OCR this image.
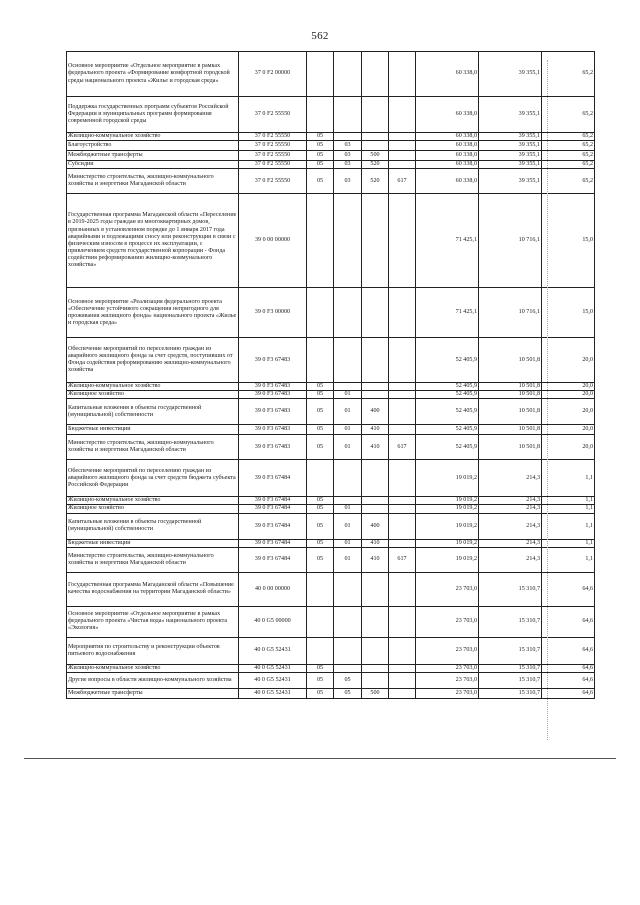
562
Основное мероприятие «Отдельное мероприятие в рамках федерального проекта «Формирование комфортной городской среды национального проекта «Жилье и городская среда»	37 0 F2 00000					60 338,0	39 355,1	65,2
Поддержка государственных программ субъектов Российской Федерации и муниципальных программ формирования современной городской среды	37 0 F2 55550					60 338,0	39 355,1	65,2
Жилищно-коммунальное хозяйство	37 0 F2 55550	05				60 338,0	39 355,1	65,2
Благоустройство	37 0 F2 55550	05	03			60 338,0	39 355,1	65,2
Межбюджетные трансферты	37 0 F2 55550	05	03	500		60 338,0	39 355,1	65,2
Субсидии	37 0 F2 55550	05	03	520		60 338,0	39 355,1	65,2
Министерство строительства, жилищно-коммунального хозяйства и энергетики Магаданской области	37 0 F2 55550	05	03	520	617	60 338,0	39 355,1	65,2
Государственная программа Магаданской области «Переселение в 2019-2025 годы граждан из многоквартирных домов, признанных в установленном порядке до 1 января 2017 года аварийными и подлежащими сносу или реконструкции в связи с физическим износом в процессе их эксплуатации, с привлечением средств государственной корпорации - Фонда содействия реформированию жилищно-коммунального хозяйства»	39 0 00 00000					71 425,1	10 716,1	15,0
Основное мероприятие «Реализация федерального проекта «Обеспечение устойчивого сокращения непригодного для проживания жилищного фонда» национального проекта «Жилье и городская среда»	39 0 F3 00000					71 425,1	10 716,1	15,0
Обеспечение мероприятий по переселению граждан из аварийного жилищного фонда за счет средств, поступивших от Фонда содействия реформированию жилищно-коммунального хозяйства	39 0 F3 67483					52 405,9	10 501,8	20,0
Жилищно-коммунальное хозяйство	39 0 F3 67483	05				52 405,9	10 501,8	20,0
Жилищное хозяйство	39 0 F3 67483	05	01			52 405,9	10 501,8	20,0
Капитальные вложения в объекты государственной (муниципальной) собственности	39 0 F3 67483	05	01	400		52 405,9	10 501,8	20,0
Бюджетные инвестиции	39 0 F3 67483	05	01	410		52 405,9	10 501,8	20,0
Министерство строительства, жилищно-коммунального хозяйства и энергетики Магаданской области	39 0 F3 67483	05	01	410	617	52 405,9	10 501,8	20,0
Обеспечение мероприятий по переселению граждан из аварийного жилищного фонда за счет средств бюджета субъекта Российской Федерации	39 0 F3 67484					19 019,2	214,3	1,1
Жилищно-коммунальное хозяйство	39 0 F3 67484	05				19 019,2	214,3	1,1
Жилищное хозяйство	39 0 F3 67484	05	01			19 019,2	214,3	1,1
Капитальные вложения в объекты государственной (муниципальной) собственности	39 0 F3 67484	05	01	400		19 019,2	214,3	1,1
Бюджетные инвестиции	39 0 F3 67484	05	01	410		19 019,2	214,3	1,1
Министерство строительства, жилищно-коммунального хозяйства и энергетики Магаданской области	39 0 F3 67484	05	01	410	617	19 019,2	214,3	1,1
Государственная программа Магаданской области «Повышение качества водоснабжения на территории Магаданской области»	40 0 00 00000					23 703,0	15 310,7	64,6
Основное мероприятие «Отдельное мероприятие в рамках федерального проекта «Чистая вода» национального проекта «Экология»	40 0 G5 00000					23 703,0	15 310,7	64,6
Мероприятия по строительству и реконструкции объектов питьевого водоснабжения	40 0 G5 52431					23 703,0	15 310,7	64,6
Жилищно-коммунальное хозяйство	40 0 G5 52431	05				23 703,0	15 310,7	64,6
Другие вопросы в области жилищно-коммунального хозяйства	40 0 G5 52431	05	05			23 703,0	15 310,7	64,6
Межбюджетные трансферты	40 0 G5 52431	05	05	500		23 703,0	15 310,7	64,6
